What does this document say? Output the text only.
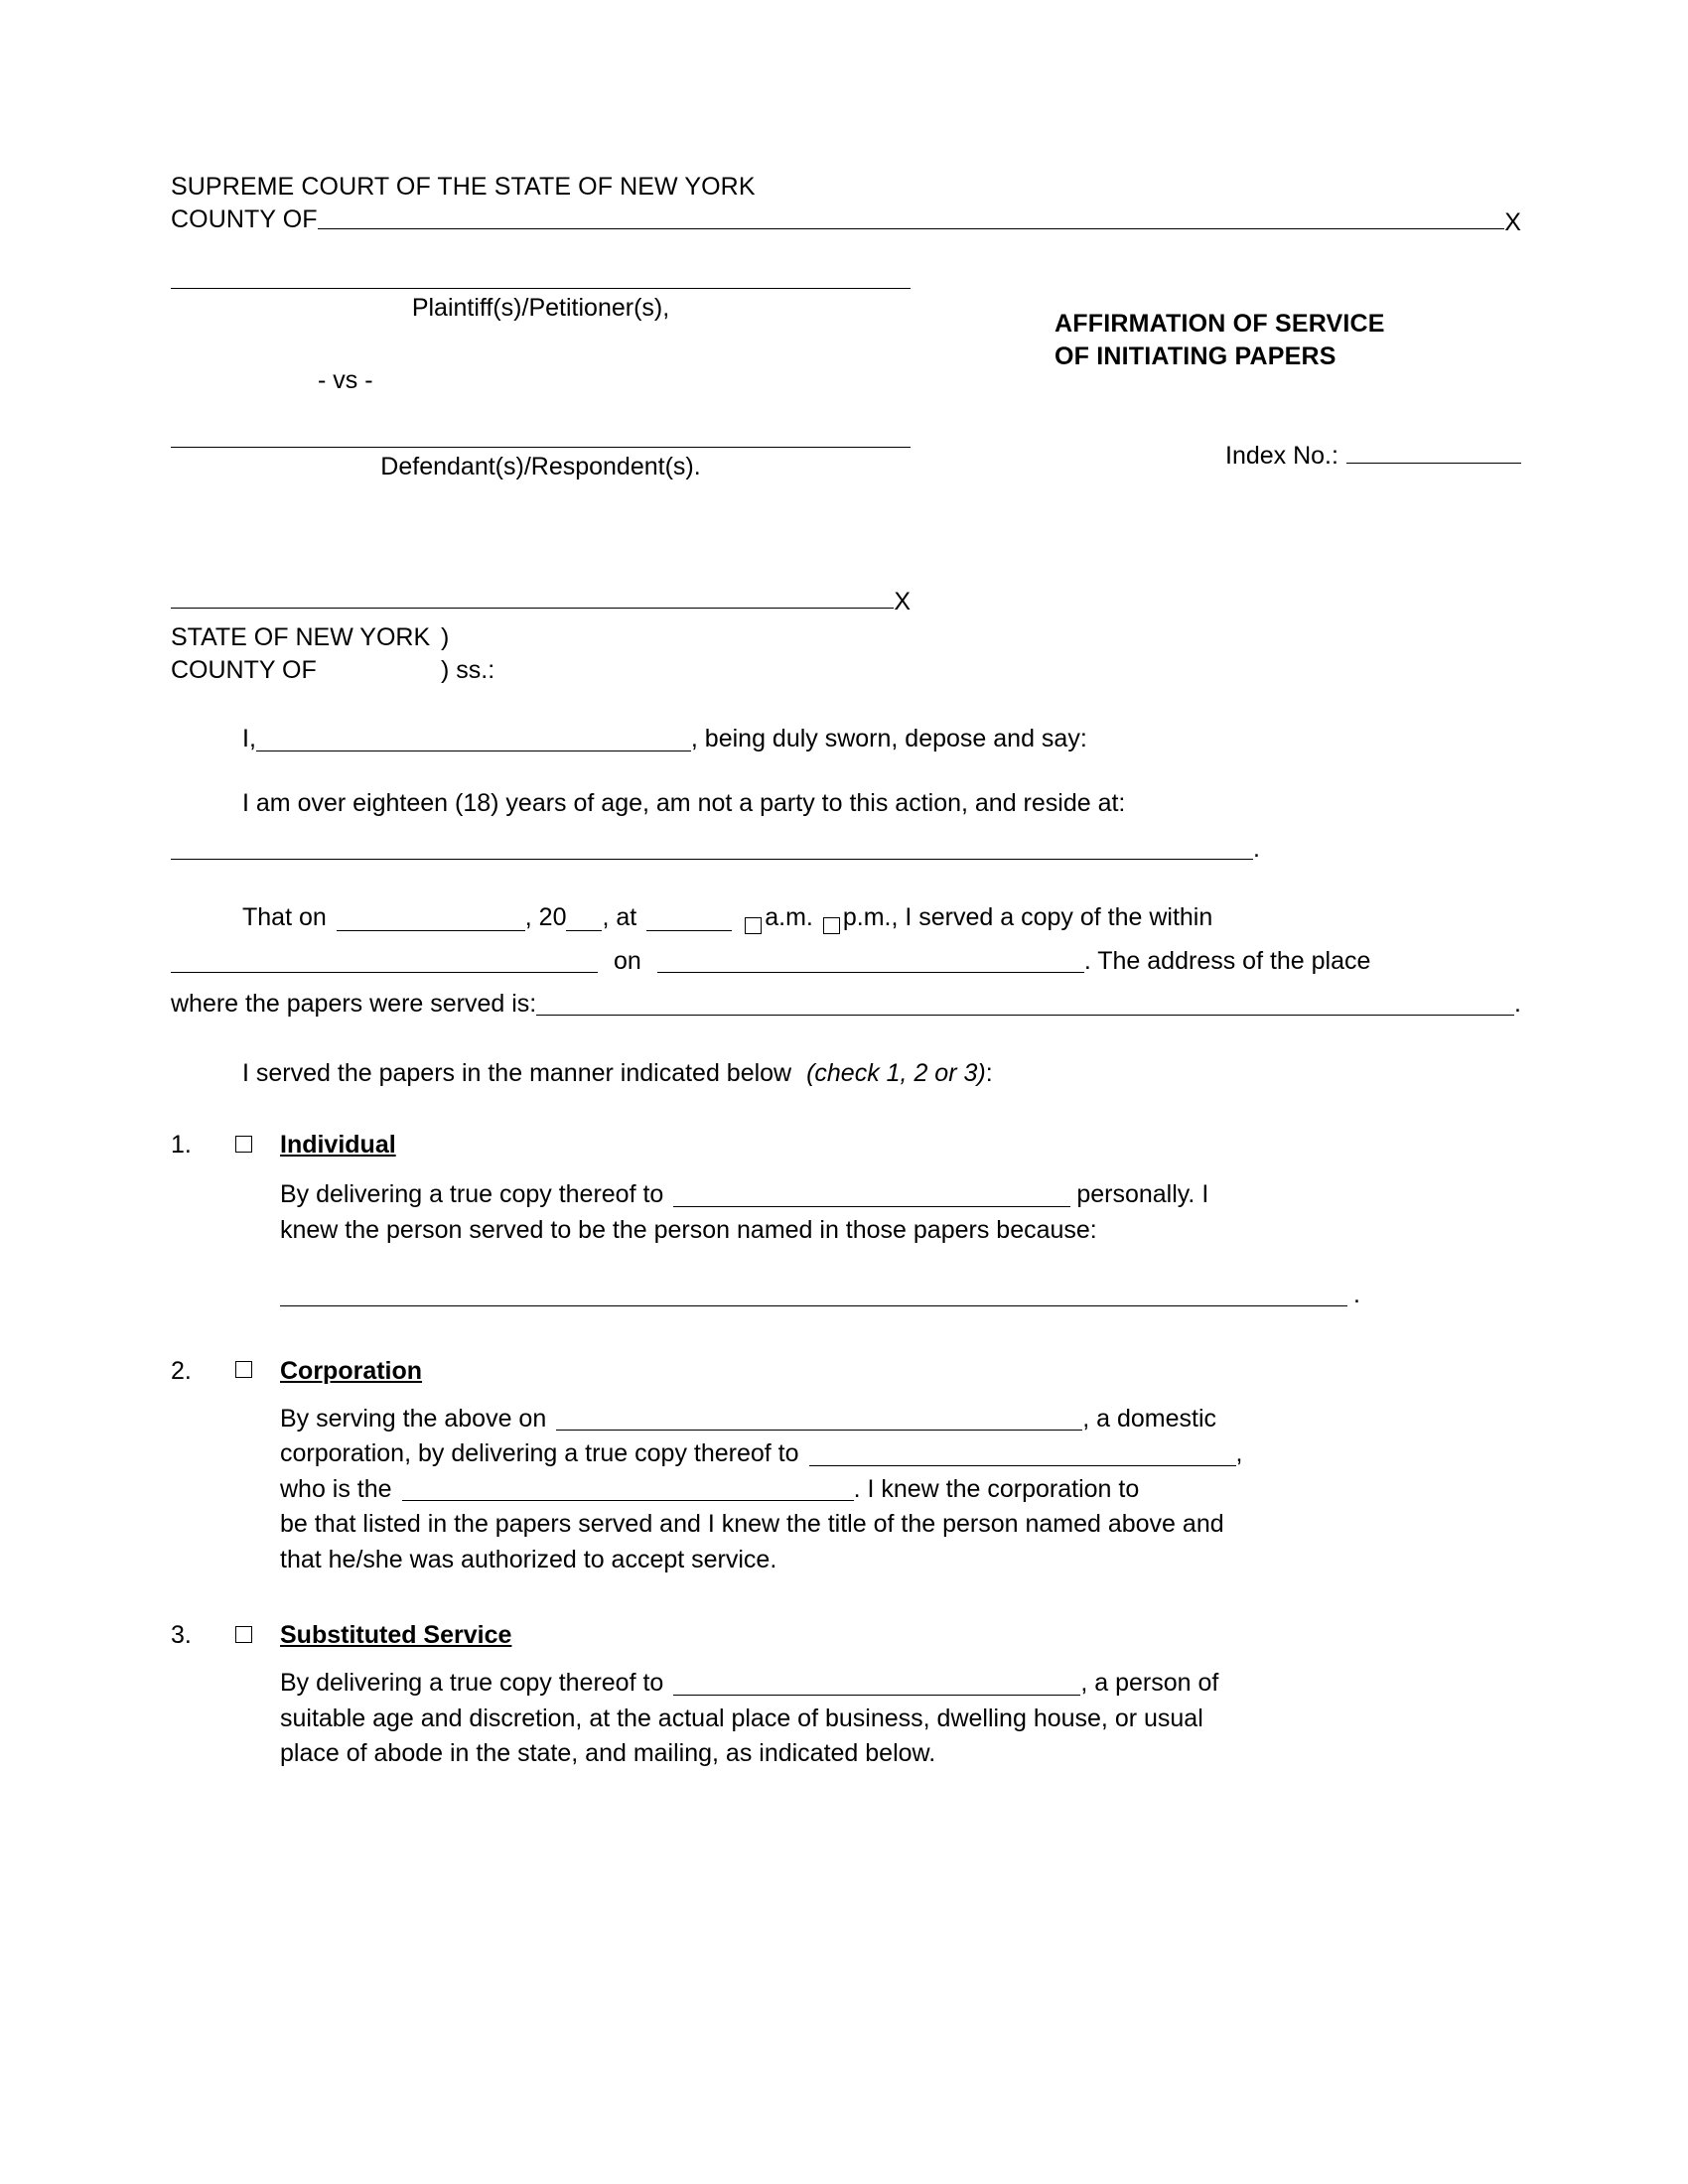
SUPREME COURT OF THE STATE OF NEW YORK
COUNTY OF	X
Plaintiff(s)/Petitioner(s),
- vs -
Defendant(s)/Respondent(s).
AFFIRMATION OF SERVICE
OF INITIATING PAPERS
Index No.:
X
STATE OF NEW YORK )
COUNTY OF	) ss.:
I,	, being duly sworn, depose and say:

I am over eighteen (18) years of age, am not a party to this action, and reside at:

.
That on	, 20 , at	a.m. p.m. , I served a copy of the within
on	. The address of the place
where the papers were served is:	.

I served the papers in the manner indicated below (check 1, 2 or 3):

1.	Individual
By delivering a true copy thereof to	personally. I
knew the person served to be the person named in those papers because:
.
2.	Corporation
By serving the above on	, a domestic
corporation, by delivering a true copy thereof to	,
who is the	. I knew the corporation to
be that listed in the papers served and I knew the title of the person named above and
that he/she was authorized to accept service.
3.	Substituted Service
By delivering a true copy thereof to	, a person of
suitable age and discretion, at the actual place of business, dwelling house, or usual
place of abode in the state, and mailing, as indicated below.
